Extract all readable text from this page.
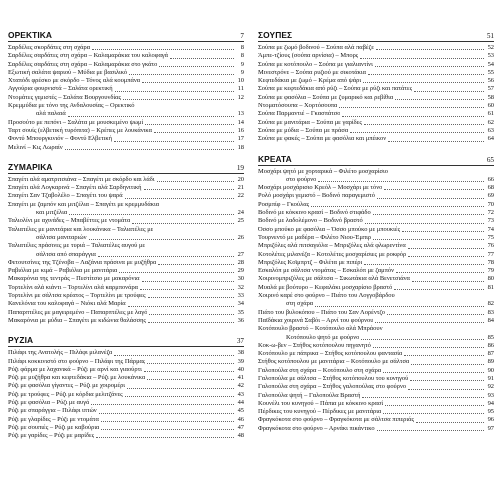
ΟΡΕΚΤΙΚΑ	7
Σαρδέλες σκορδάτες στη σχάρα	8
Σαρδέλες σαρδάτες στη σχάρα – Καλαμαράκια του καλοφαγά	8
Σαρδέλες σαρδάτες στη σχάρα – Καλαμαράκια στο γκάτο	9
Εξωτική σαλάτα ψαριού – Μύδια με βασιλικό	9
Χταπόδι φρέσκο με σκόρδο – Τόνος αλά κουμπάνα	10
Αγγούρια φουρνιστά – Σαλάτα ορεκτική	11
Ντομάτες γεμιστές – Σαλάτα Βουργουνδίας	12
Κρεμμύδια με τόνο της Ανδαλουσίας – Ορεκτικό
αλά παλαιά	13
Προσούτο με πεπόνι – Σαλάτα με μουσκεμένο ψωμί	14
Ταρτ σουίς (ελβετική τυρόπιτα) – Κρέπες με λουκάνικα	16
Φοντύ Μπουργκινιόν – Φοντύ Ελβετική	17
Μελινί – Κις Λωραίν	18
ΖΥΜΑΡΙΚΑ	19
Σπαγέτι αλά αματριτσιάνα – Σπαγέτι με σκόρδο και λάδι	20
Σπαγέτι αλά Λογκαρινά – Σπαγέτι αλά Σαρδηνιτική	21
Σπαγέτι Σαν Τζαβολέλο – Σπαγέτι του ψαρά	22
Σπαγέτι με ζαμπόν και μιτζέλια – Σπαγέτι με κρεμμυδάκια
και μιτζέλια	24
Ταλιολίνι με αχινάδες – Μπαβέττες με ντομάτα	25
Ταλιατέλες με μανιτάρια και λουκάνικα – Ταλιατέλες με
σάλτσα μανιταριών	26
Ταλιατέλες πράσινες με τυριά – Ταλιατέλες αυγού με
σάλτσα από σπαράγγια	27
Φετουτσίνες της Τζένοβα – Λαζάνια πράσινα με μυζήθρα	28
Ραβιόλια με κιμά – Ραβιόλια με μανιτάρια	29
Μακαρόνια της τεντράς – Πεστίτσιο με μακαρόνια	30
Τορτελίνι αλά κιάντι – Τορτελίνι αλά καρμπονάρα	32
Τορτελίνι με σάλτσα κρέατος – Τορτελίνι με τρούφες	33
Κανελόνια του καλοφαγά – Νιόκι αλά Μαρία	34
Παπαρπτέλες με μαγειρεμένο – Παπαρπτέλες με λαγό	35
Μακαρόνια με μύδια – Σπαγέτι με κιδώνια θαλάσσης	36
ΡΥΖΙΑ	37
Πιλάφι της Ανατολής – Πιλάφι μιλανέζα	38
Πιλάφι κοκκινιστό στο φούρνο – Πιλάφι της Πάρμας	39
Ρύζι φάρμα με λαχανικά – Ρύζι με αρνί και γιαούρτι	40
Ρύζι με μυζήθρα και κεφτεδάκια – Ρύζι με λουκάνικα	41
Ρύζι με φασόλια γίγαντες – Ρύζι με χοιρομέρι	42
Ρύζι με τρούφες – Ρύζι με κόρδια μελιτζάνες	43
Ρύζι με φασόλια – Ρύζι με αυγά	44
Ρύζι με σπαράγγια – Πιλάφι ιπτών	45
Ρύζι με γλαρίδες – Ρύζι με ντομάτα	46
Ρύζι με σουπιές – Ρύζι με καβούρια	47
Ρύζι με γαρίδες – Ρύζι με μαρίδες	48
ΣΟΥΠΕΣ	51
Σούπα με ζωμό βοδινού – Σούπα αλά παβέζε	52
Άμπε-τζίους (σούπα αρνίσια) – Μπορς	53
Σούπα με κοτόπουλο – Σούπα με γιαλιαντίνι	54
Μινεστρόνε – Σούπα ρυζιού με σικοτάκια	55
Κεφτεδάκια με ζωμό – Κρέμα από ψάρι	56
Σούπα με κεφτεδάκια από ρύζι – Σούπα με ρύζι και πατάτες	57
Σούπα με φασόλια – Σούπα με ζυμαρικό και ρεβίθια	58
Ντοματόσουπα – Χορτόσουπα	60
Σούπα Παρμαντιέ – Γκασπάτσο	61
Σούπα με μανιτάρια – Σούπα με γαρίδες	62
Σούπα με μύδια – Σούπα με πράσα	63
Σούπα με φακές – Σούπα με φασόλια και μπέικον	64
ΚΡΕΑΤΑ	65
Μοσχάρι ψητό με χορταρικά – Φιλέτο μοσχαρίσιο
στο φούρνο	66
Μοσχάρι μοσχάρισιο Κρεόλ – Μοσχάρι με τόνο	68
Ρολό μοσχάρι γεμιστό – Βοδινό παραγεμιστό	69
Ροσμπίφ – Γκούλας	70
Βοδινό με κόκκινο κρασί – Βοδινό στιφάδο	72
Βοδινό με λαδολέμονο – Βοδινό βραστό	73
Όσσο μπούκο με φασόλια – Όσσο μπούκο με μπουκιές	74
Τουρνεντό με μαδέρα – Φιλέτο Νιου-Έμπιρ	75
Μπριζόλες αλά πιτσαγιόλα – Μπριζόλες αλά φλωρεντίνα	76
Κοτολέτες μιλανέζα – Κοτολέτες μοσχαρίσιες με ροκφόρ	77
Μπριζόλες Κοϊμπρτζ – Φιλέτα με πιπέρι	78
Εσκαλόπ με σάλτσα ντομάτας – Εσκαλόπ με ζαμπόν	79
Χοιρινομπριζόλες με σάλτσα – Σικωτάκια αλά Βενετσιάνα	80
Μυαλά με βούτυρο – Κεφαλάκι μοσχαρίσιο βραστό	81
Χοιρινό καρέ στο φούρνο – Πιάτο του Λογγοβάρδου
στη σχάρα	82
Πιάτο του βυλοκόπου – Πιάτο του Σαν Λορέντζο	83
Παϊδάκια χοιρινά Σαβόι – Αρνί του φούρνου	84
Κοτόπουλο βραστό – Κοτόπουλο αλά Μπράουν
Κοτόπουλο ψητό με φούρνο	85
Κοκ-ω-βεν – Στήθος κοτόπουλου πηγανητό	86
Κοτόπουλο με πάπρικα – Στήθος κοτόπουλου φαντασία	87
Στήθος κοτόπουλου με μανιτάρια – Κοτόπουλο με σάλτσα	89
Γαλοπούλα στη σχάρα – Κοτόπουλο στη σχάρα	90
Γαλοπούλα με σάλτσα – Στήθος κοτόπουλου του κυνηγού	91
Γαλοπούλα στη σχάρα – Στήθος γαλοπούλας στο φούρνο	92
Γαλοπούλα ψητή – Γαλοπούλα Βραστή	93
Κουνέλι του κυνηγού – Πάπια με κόκκινο κρασί	94
Πέρδικες του κυνηγού – Πέρδικες με μανιτάρια	95
Φραγκόκοτα στο φούρνο – Φραγκόκοτα με σάλτσα πιπεριάς	96
Φραγκόκοτα στο φούρνο – Αρνάκι πικάντικο	97
